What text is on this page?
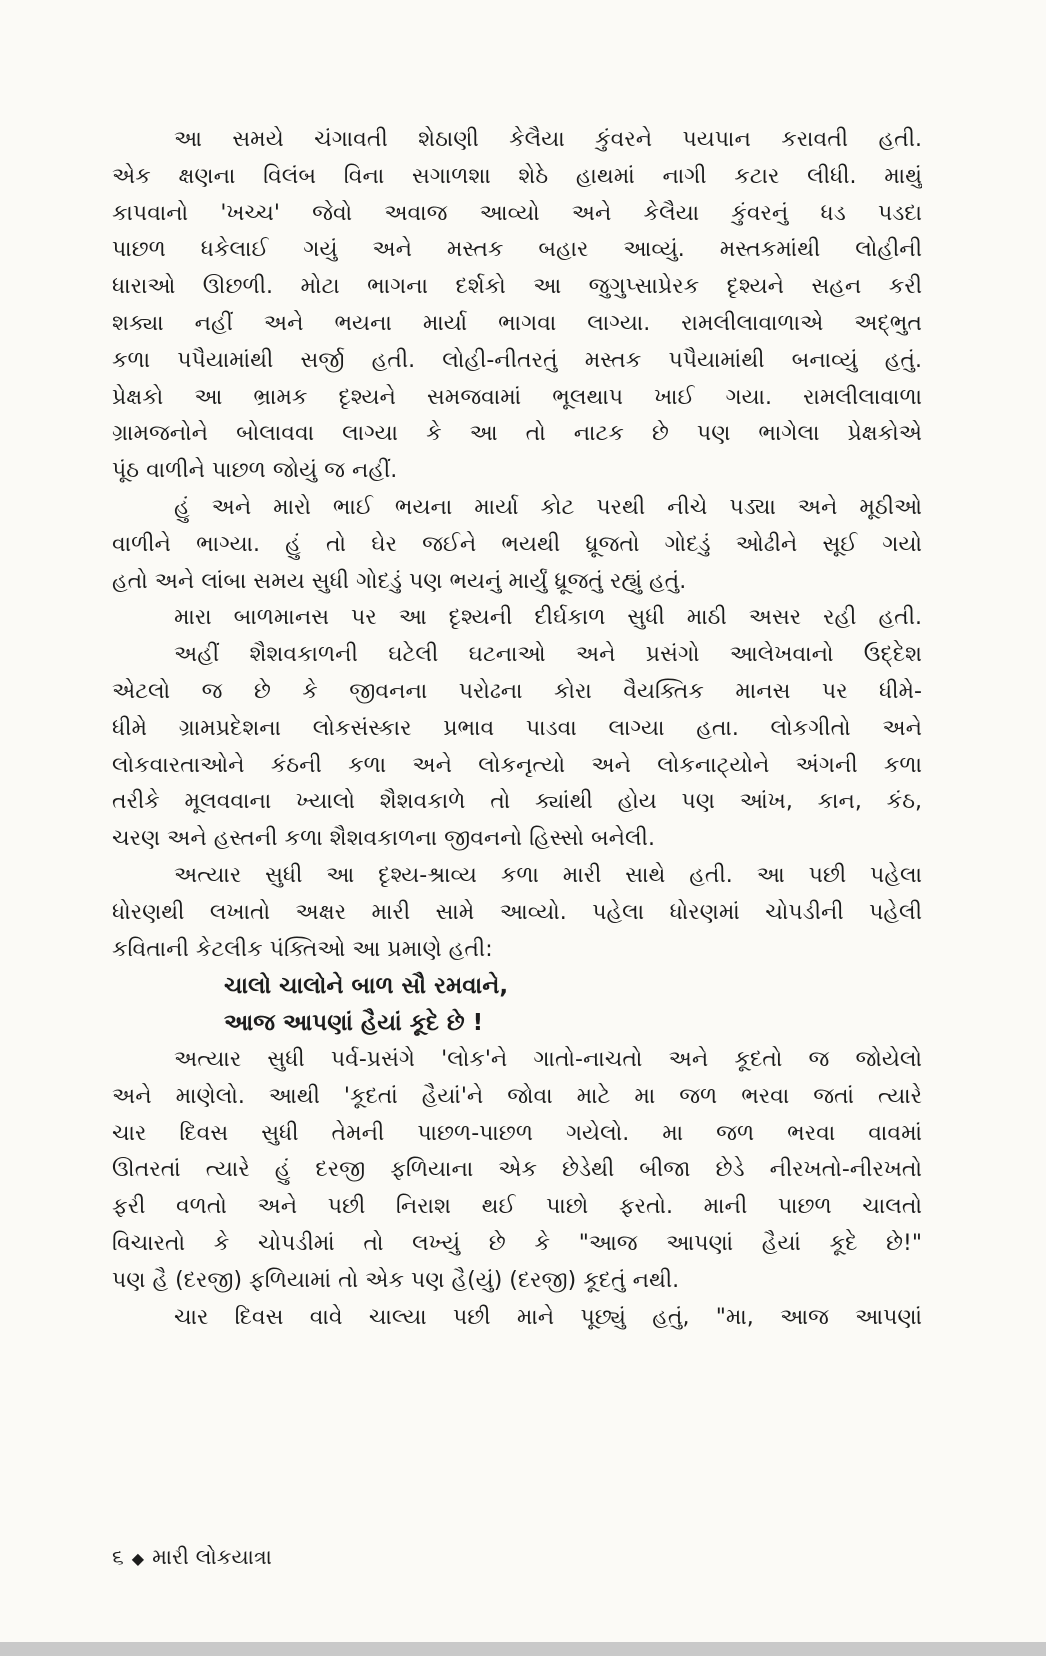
આ સમયે ચંગાવતી શેઠાણી કેલૈયા કુંવરને પયપાન કરાવતી હતી.
એક ક્ષણના વિલંબ વિના સગાળશા શેઠે હાથમાં નાગી કટાર લીધી. માથું
કાપવાનો 'ખચ્ચ' જેવો અવાજ આવ્યો અને કેલૈયા કુંવરનું ધડ પડદા
પાછળ ધકેલાઈ ગયું અને મસ્તક બહાર આવ્યું. મસ્તકમાંથી લોહીની
ધારાઓ ઊછળી. મોટા ભાગના દર્શકો આ જુગુપ્સાપ્રેરક દૃશ્યને સહન કરી
શક્યા નહીં અને ભયના માર્યા ભાગવા લાગ્યા. રામલીલાવાળાએ અદ્ભુત
કળા પપૈયામાંથી સર્જી હતી. લોહી-નીતરતું મસ્તક પપૈયામાંથી બનાવ્યું હતું.
પ્રેક્ષકો આ ભ્રામક દૃશ્યને સમજવામાં ભૂલથાપ ખાઈ ગયા. રામલીલાવાળા
ગ્રામજનોને બોલાવવા લાગ્યા કે આ તો નાટક છે પણ ભાગેલા પ્રેક્ષકોએ
પૂંઠ વાળીને પાછળ જોયું જ નહીં.
હું અને મારો ભાઈ ભયના માર્યા કોટ પરથી નીચે પડ્યા અને મૂઠીઓ
વાળીને ભાગ્યા. હું તો ઘેર જઈને ભયથી ધ્રૂજતો ગોદડું ઓઢીને સૂઈ ગયો
હતો અને લાંબા સમય સુધી ગોદડું પણ ભયનું માર્યું ધ્રૂજતું રહ્યું હતું.
મારા બાળમાનસ પર આ દૃશ્યની દીર્ઘકાળ સુધી માઠી અસર રહી હતી.
અહીં શૈશવકાળની ઘટેલી ઘટનાઓ અને પ્રસંગો આલેખવાનો ઉદ્દેશ
એટલો જ છે કે જીવનના પરોઢના કોરા વૈયક્તિક માનસ પર ધીમે-
ધીમે ગ્રામપ્રદેશના લોકસંસ્કાર પ્રભાવ પાડવા લાગ્યા હતા. લોકગીતો અને
લોકવારતાઓને કંઠની કળા અને લોકનૃત્યો અને લોકનાટ્યોને અંગની કળા
તરીકે મૂલવવાના ખ્યાલો શૈશવકાળે તો ક્યાંથી હોય પણ આંખ, કાન, કંઠ,
ચરણ અને હસ્તની કળા શૈશવકાળના જીવનનો હિસ્સો બનેલી.
અત્યાર સુધી આ દૃશ્ય-શ્રાવ્ય કળા મારી સાથે હતી. આ પછી પહેલા
ધોરણથી લખાતો અક્ષર મારી સામે આવ્યો. પહેલા ધોરણમાં ચોપડીની પહેલી
કવિતાની કેટલીક પંક્તિઓ આ પ્રમાણે હતી:
ચાલો ચાલોને બાળ સૌ રમવાને,
આજ આપણાં હૈયાં કૂદે છે !
અત્યાર સુધી પર્વ-પ્રસંગે 'લોક'ને ગાતો-નાચતો અને કૂદતો જ જોયેલો
અને માણેલો. આથી 'કૂદતાં હૈયાં'ને જોવા માટે મા જળ ભરવા જતાં ત્યારે
ચાર દિવસ સુધી તેમની પાછળ-પાછળ ગયેલો. મા જળ ભરવા વાવમાં
ઊતરતાં ત્યારે હું દરજી ફળિયાના એક છેડેથી બીજા છેડે નીરખતો-નીરખતો
ફરી વળતો અને પછી નિરાશ થઈ પાછો ફરતો. માની પાછળ ચાલતો
વિચારતો કે ચોપડીમાં તો લખ્યું છે કે "આજ આપણાં હૈયાં કૂદે છે!"
પણ હૈ (દરજી) ફળિયામાં તો એક પણ હૈ(યું) (દરજી) કૂદતું નથી.
ચાર દિવસ વાવે ચાલ્યા પછી માને પૂછ્યું હતું, "મા, આજ આપણાં
૬ ◆ મારી લોકયાત્રા
